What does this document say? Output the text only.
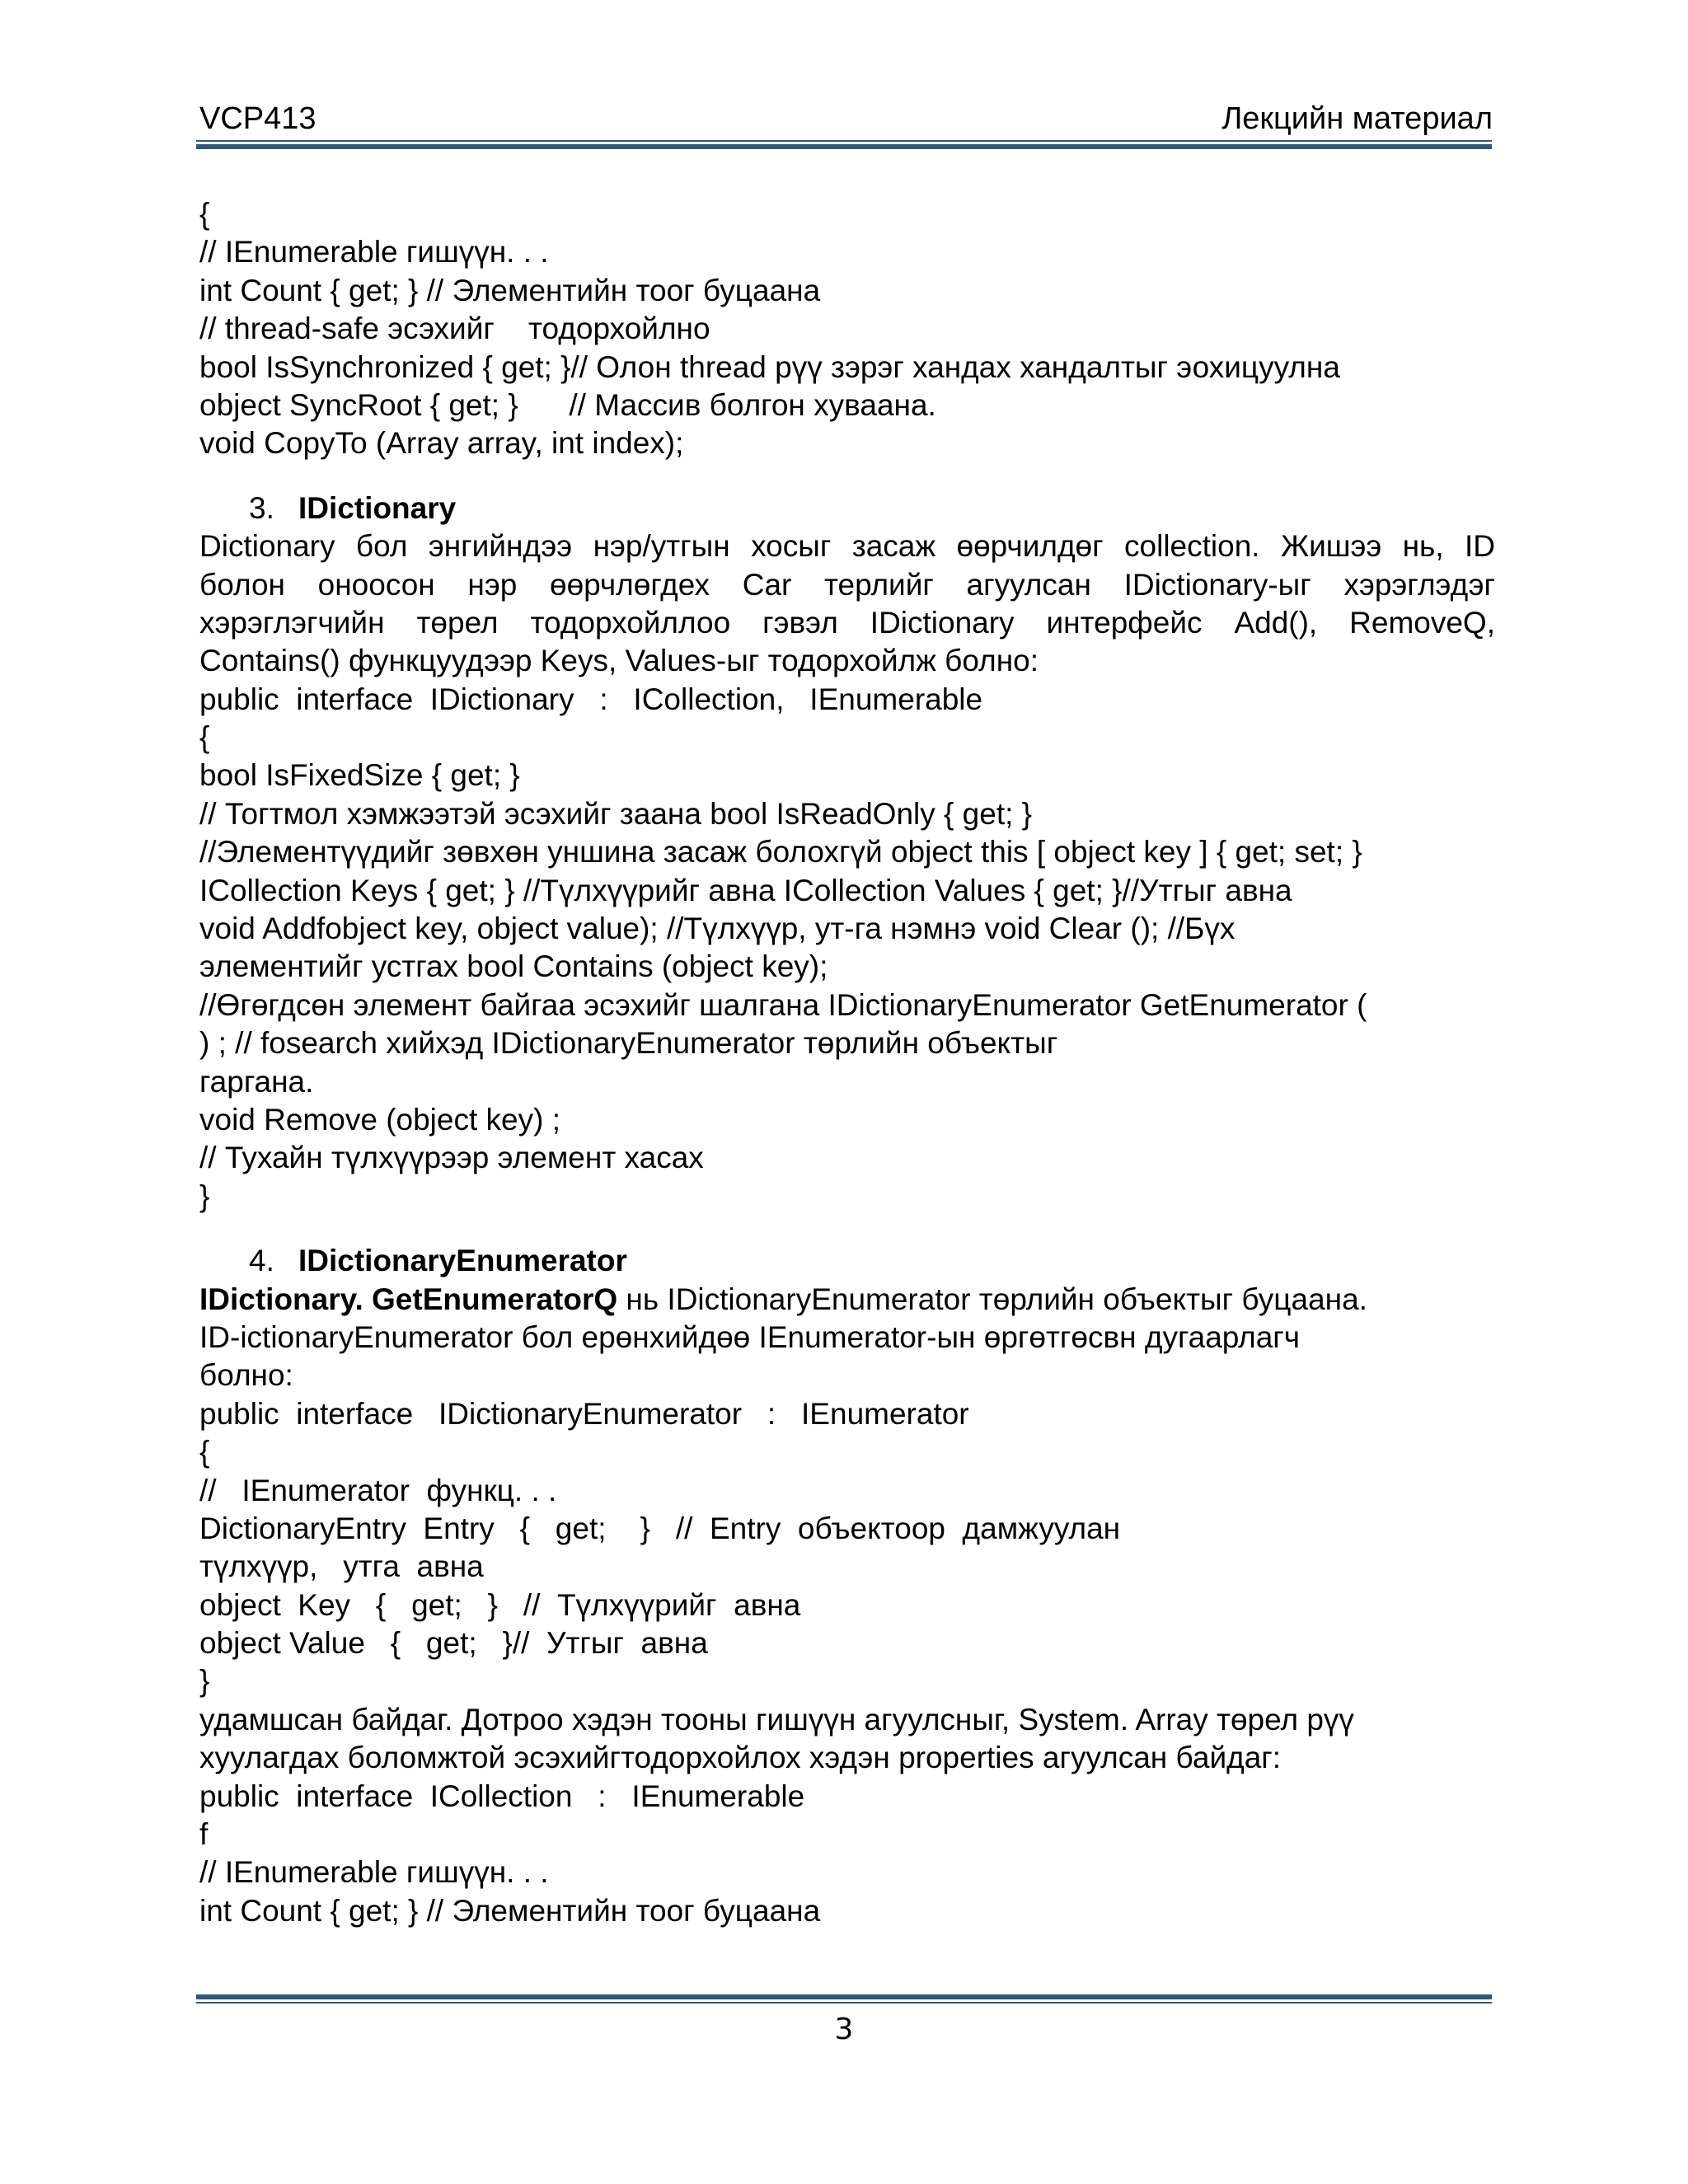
VCP413	Лекцийн материал
{
// IEnumerable гишүүн. . .
int Count { get; } // Элементийн тоог буцаана
// thread-safe эсэхийг    тодорхойлно
bool IsSynchronized { get; }// Олон thread рүү зэрэг хандах хандалтыг эохицуулна
object SyncRoot { get; }      // Массив болгон хуваана.
void CopyTo (Array array, int index);
3. IDictionary
Dictionary бол энгийндээ нэр/утгын хосыг засаж өөрчилдөг collection. Жишээ нь, ID
болон оноосон нэр өөрчлөгдех Car терлийг агуулсан IDictionary-ыг хэрэглэдэг
хэрэглэгчийн төрел тодорхойллоо гэвэл IDictionary интерфейс Add(), RemoveQ,
Contains() функцуудээр Keys, Values-ыг тодорхойлж болно:
public  interface  IDictionary   :   ICollection,   IEnumerable
{
bool IsFixedSize { get; }
// Тогтмол хэмжээтэй эсэхийг заана bool IsReadOnly { get; }
//Элементүүдийг зөвхөн уншина засаж болохгүй object this [ object key ] { get; set; }
ICollection Keys { get; } //Түлхүүрийг авна ICollection Values { get; }//Утгыг авна
void Addfobject key, object value); //Түлхүүр, ут-га нэмнэ void Clear (); //Бүх
элементийг устгах bool Contains (object key);
//Өгөгдсөн элемент байгаа эсэхийг шалгана IDictionaryEnumerator GetEnumerator (
) ; // fosearch хийхэд IDictionaryEnumerator төрлийн объектыг
гаргана.
void Remove (object key) ;
// Тухайн түлхүүрээр элемент хасах
}
4. IDictionaryEnumerator
IDictionary. GetEnumeratorQ нь IDictionaryEnumerator төрлийн объектыг буцаана.
ID-ictionaryEnumerator бол ерөнхийдөө IEnumerator-ын өргөтгөсвн дугаарлагч
болно:
public  interface   IDictionaryEnumerator   :   IEnumerator
{
//   IEnumerator  функц. . .
DictionaryEntry  Entry   {   get;    }   //  Entry  объектоор  дамжуулан
түлхүүр,   утга  авна
object  Key   {   get;   }   //  Түлхүүрийг  авна
object Value   {   get;   }//  Утгыг  авна
}
удамшсан байдаг. Дотроо хэдэн тооны гишүүн агуулсныг, System. Array төрел рүү
хуулагдах боломжтой эсэхийгтодорхойлох хэдэн properties агуулсан байдаг:
public  interface  ICollection   :   IEnumerable
f
// IEnumerable гишүүн. . .
int Count { get; } // Элементийн тоог буцаана
3
